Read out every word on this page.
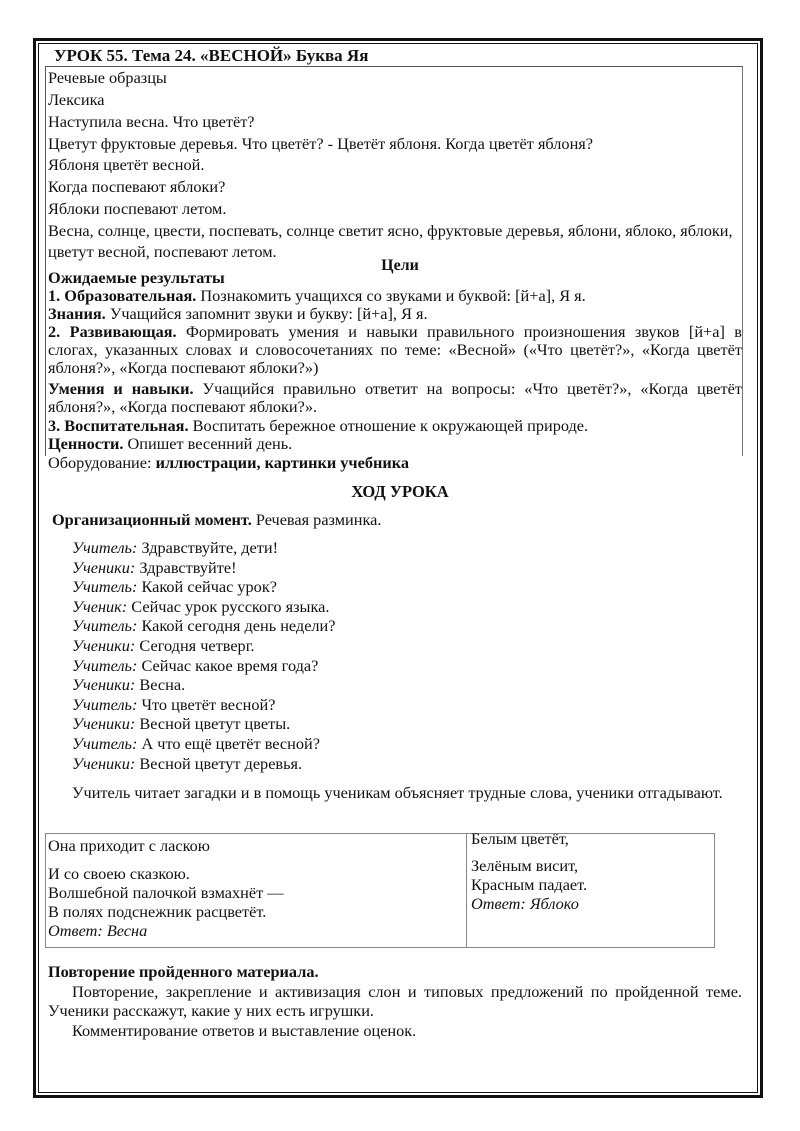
УРОК 55. Тема 24. «ВЕСНОЙ» Буква Яя
Речевые образцы
Лексика
Наступила весна. Что цветёт?
Цветут фруктовые деревья. Что цветёт? - Цветёт яблоня. Когда цветёт яблоня?
Яблоня цветёт весной.
Когда поспевают яблоки?
Яблоки поспевают летом.
Весна, солнце, цвести, поспевать, солнце светит ясно, фруктовые деревья, яблони, яблоко, яблоки, цветут весной, поспевают летом.
Цели
Ожидаемые результаты
1. Образовательная. Познакомить учащихся со звуками и буквой: [й+а], Я я.
Знания. Учащийся запомнит звуки и букву: [й+а], Я я.
2. Развивающая. Формировать умения и навыки правильного произношения звуков [й+а] в слогах, указанных словах и словосочетаниях по теме: «Весной» («Что цветёт?», «Когда цветёт яблоня?», «Когда поспевают яблоки?»)
Умения и навыки. Учащийся правильно ответит на вопросы: «Что цветёт?», «Когда цветёт яблоня?», «Когда поспевают яблоки?».
3. Воспитательная. Воспитать бережное отношение к окружающей природе.
Ценности. Опишет весенний день.
Оборудование: иллюстрации, картинки учебника
ХОД УРОКА
Организационный момент. Речевая разминка.
Учитель: Здравствуйте, дети!
Ученики: Здравствуйте!
Учитель: Какой сейчас урок?
Ученик: Сейчас урок русского языка.
Учитель: Какой сегодня день недели?
Ученики: Сегодня четверг.
Учитель: Сейчас какое время года?
Ученики: Весна.
Учитель: Что цветёт весной?
Ученики: Весной цветут цветы.
Учитель: А что ещё цветёт весной?
Ученики: Весной цветут деревья.
Учитель читает загадки и в помощь ученикам объясняет трудные слова, ученики отгадывают.
Она приходит с ласкою
И со своею сказкою.
Волшебной палочкой взмахнёт —
В полях подснежник расцветёт.
Ответ: Весна
Белым цветёт,
Зелёным висит,
Красным падает.
Ответ: Яблоко
Повторение пройденного материала.
Повторение, закрепление и активизация слон и типовых предложений по пройденной теме. Ученики расскажут, какие у них есть игрушки.
Комментирование ответов и выставление оценок.
